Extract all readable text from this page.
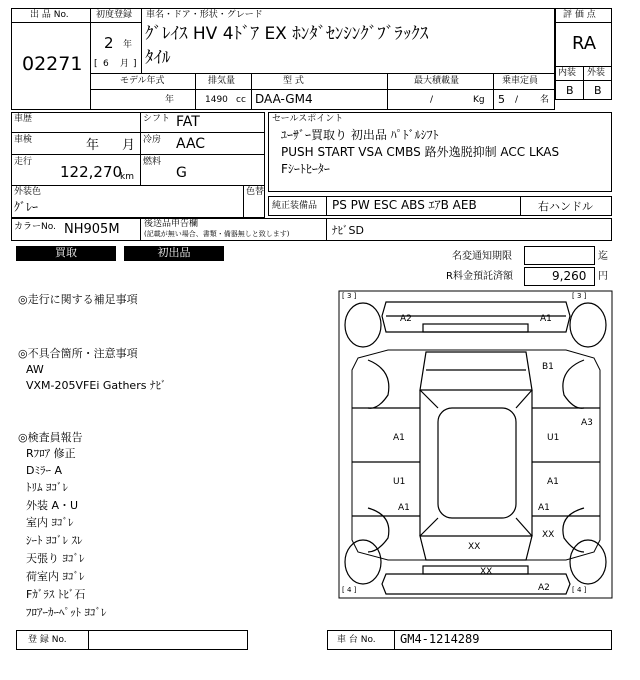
出 品 No.
02271
初度登録
2 年
[ 6 月 ]
車名・ドア・形状・グレード
ｸﾞﾚｲｽ HV 4ﾄﾞｱ EX ﾎﾝﾀﾞｾﾝｼﾝｸﾞﾌﾞﾗｯｸｽ
ﾀｲﾙ
評 価 点
RA
内装 外装
B B
モデル年式
年
排気量
1490 cc
型 式
DAA-GM4
最大積載量
/	Kg
乗車定員
5 / 名
車歴	シフト FAT
車検	年 月 冷房 AAC
走行
122,270
km
燃料
G
外装色
ｸﾞﾚｰ
色替
セールスポイント
ﾕｰｻﾞｰ買取り 初出品 ﾊﾟﾄﾞﾙｼﾌﾄ
PUSH START VSA CMBS 路外逸脱抑制 ACC LKAS
Fｼｰﾄﾋｰﾀｰ
純正装備品 PS PW ESC ABS ｴｱB AEB	右ハンドル
カラーNo. NH905M	後送品申告欄
(記載が無い場合、書類・備器無しと致します)	ﾅﾋﾞSD
買取	初出品	名変通知期限	迄
R料金預託済額	9,260 円
◎走行に関する補足事項
◎不具合箇所・注意事項
AW
VXM-205VFEi Gathers ﾅﾋﾞ
◎検査員報告
Rﾌﾛｱ 修正
Dﾐﾗｰ A
ﾄﾘﾑ ﾖｺﾞﾚ
外装 A・U
室内 ﾖｺﾞﾚ
ｼｰﾄ ﾖｺﾞﾚ ｽﾚ
天張り ﾖｺﾞﾚ
荷室内 ﾖｺﾞﾚ
Fｶﾞﾗｽ ﾄﾋﾞ石
ﾌﾛｱｰｶｰﾍﾟｯﾄ ﾖｺﾞﾚ
[ 3 ]	[ 3 ]
[ 4 ]	[ 4 ]
A2	A1
B1
A3
A1	U1
U1	A1
A1	A1
XX
XX
XX
A2
登 録 No.	車 台 No. GM4-1214289
